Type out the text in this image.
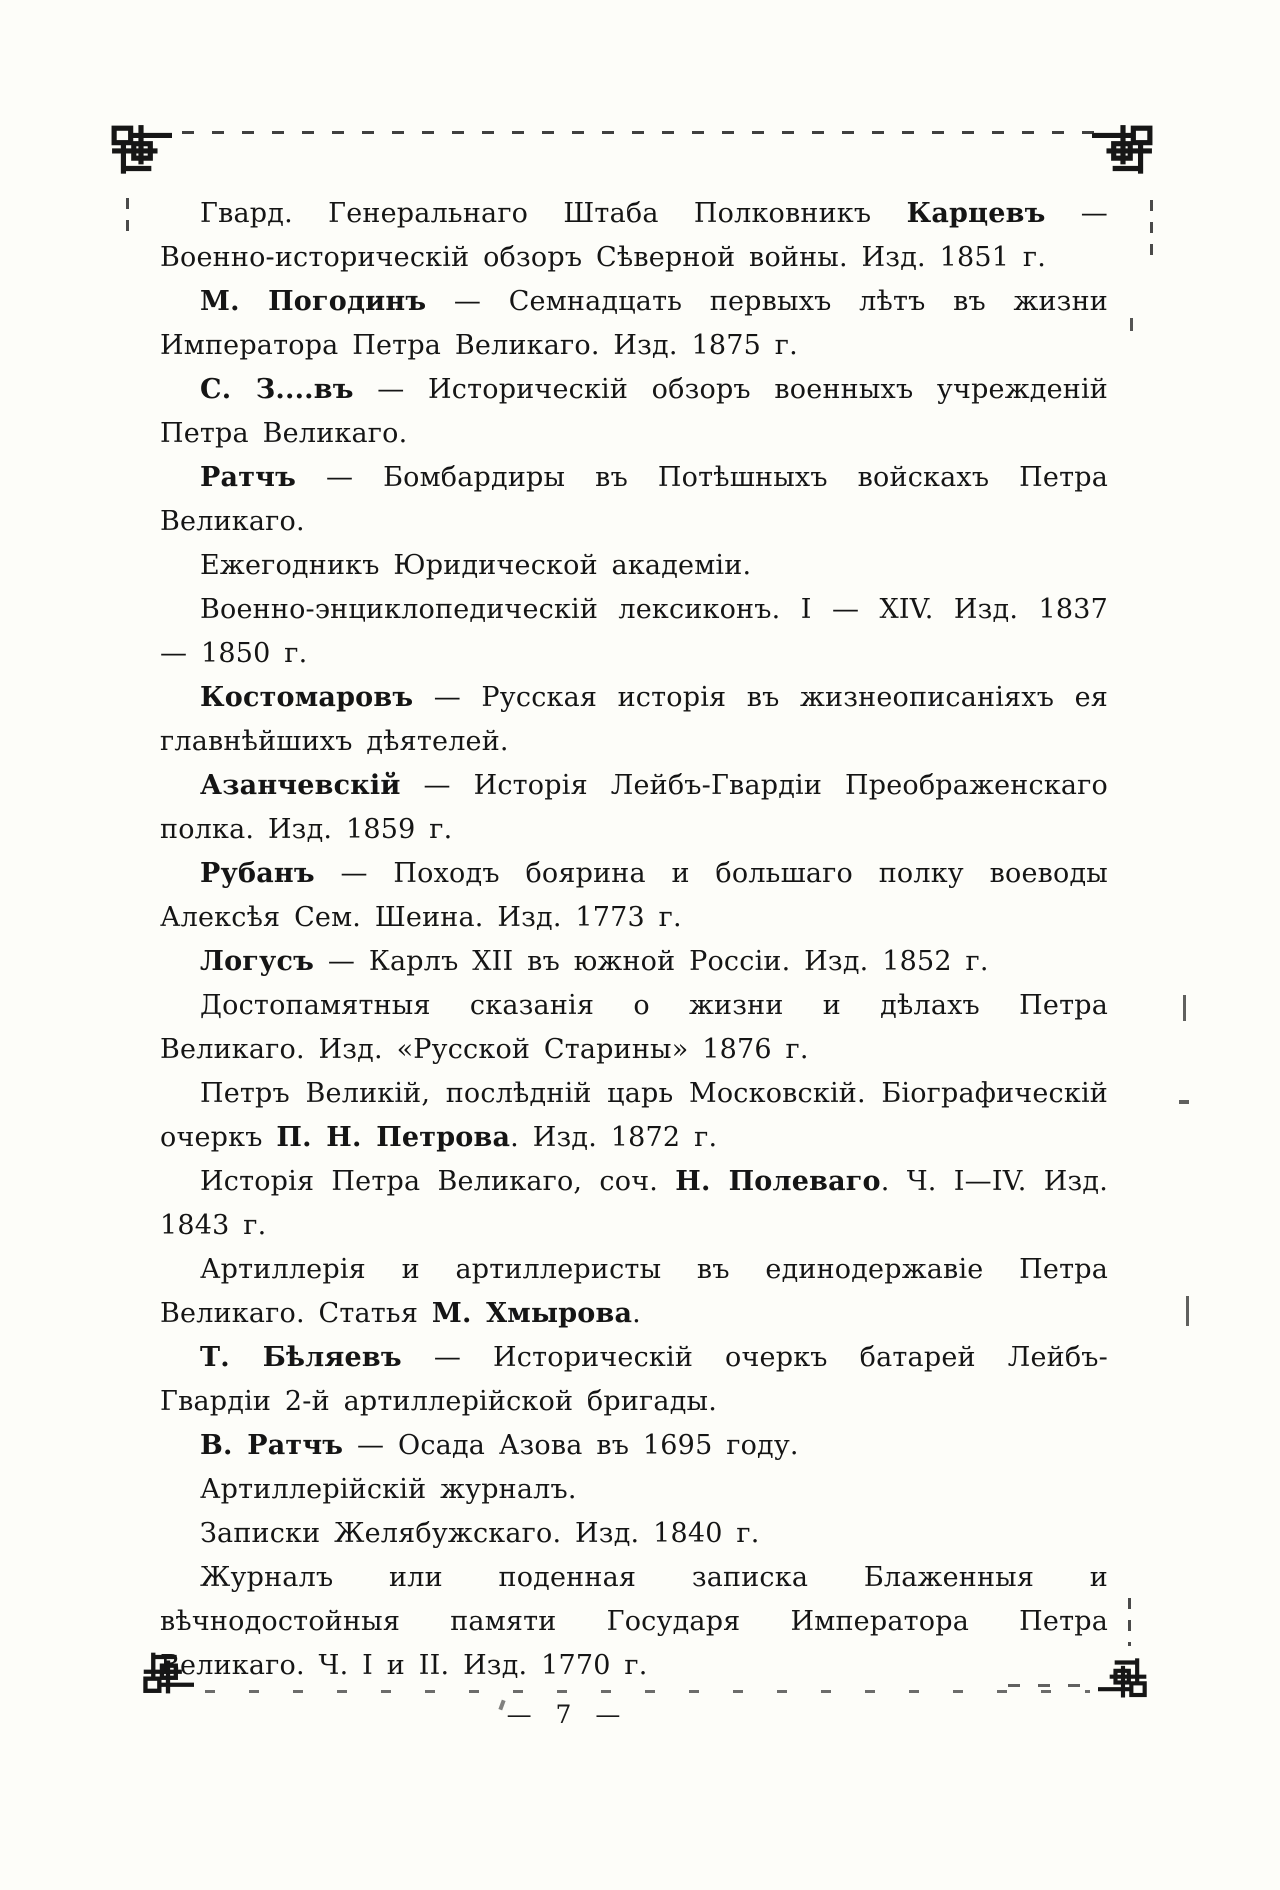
Гвард. Генеральнаго Штаба Полковникъ Карцевъ — Военно-историческій обзоръ Сѣверной войны. Изд. 1851 г.

М. Погодинъ — Семнадцать первыхъ лѣтъ въ жизни Императора Петра Великаго. Изд. 1875 г.

С. З....въ — Историческій обзоръ военныхъ учрежденій Петра Великаго.

Ратчъ — Бомбардиры въ Потѣшныхъ войскахъ Петра Великаго.

Ежегодникъ Юридической академіи.

Военно-энциклопедическій лексиконъ. I — XIV. Изд. 1837 — 1850 г.

Костомаровъ — Русская исторія въ жизнеописаніяхъ ея главнѣйшихъ дѣятелей.

Азанчевскій — Исторія Лейбъ-Гвардіи Преображенскаго полка. Изд. 1859 г.

Рубанъ — Походъ боярина и большаго полку воеводы Алексѣя Сем. Шеина. Изд. 1773 г.

Логусъ — Карлъ XII въ южной Россіи. Изд. 1852 г.

Достопамятныя сказанія о жизни и дѣлахъ Петра Великаго. Изд. «Русской Старины» 1876 г.

Петръ Великій, послѣдній царь Московскій. Біографическій очеркъ П. Н. Петрова. Изд. 1872 г.

Исторія Петра Великаго, соч. Н. Полеваго. Ч. I—IV. Изд. 1843 г.

Артиллерія и артиллеристы въ единодержавіе Петра Великаго. Статья М. Хмырова.

Т. Бѣляевъ — Историческій очеркъ батарей Лейбъ-Гвардіи 2-й артиллерійской бригады.

В. Ратчъ — Осада Азова въ 1695 году.

Артиллерійскій журналъ.

Записки Желябужскаго. Изд. 1840 г.

Журналъ или поденная записка Блаженныя и вѣчнодостойныя памяти Государя Императора Петра Великаго. Ч. I и II. Изд. 1770 г.

— 7 —
